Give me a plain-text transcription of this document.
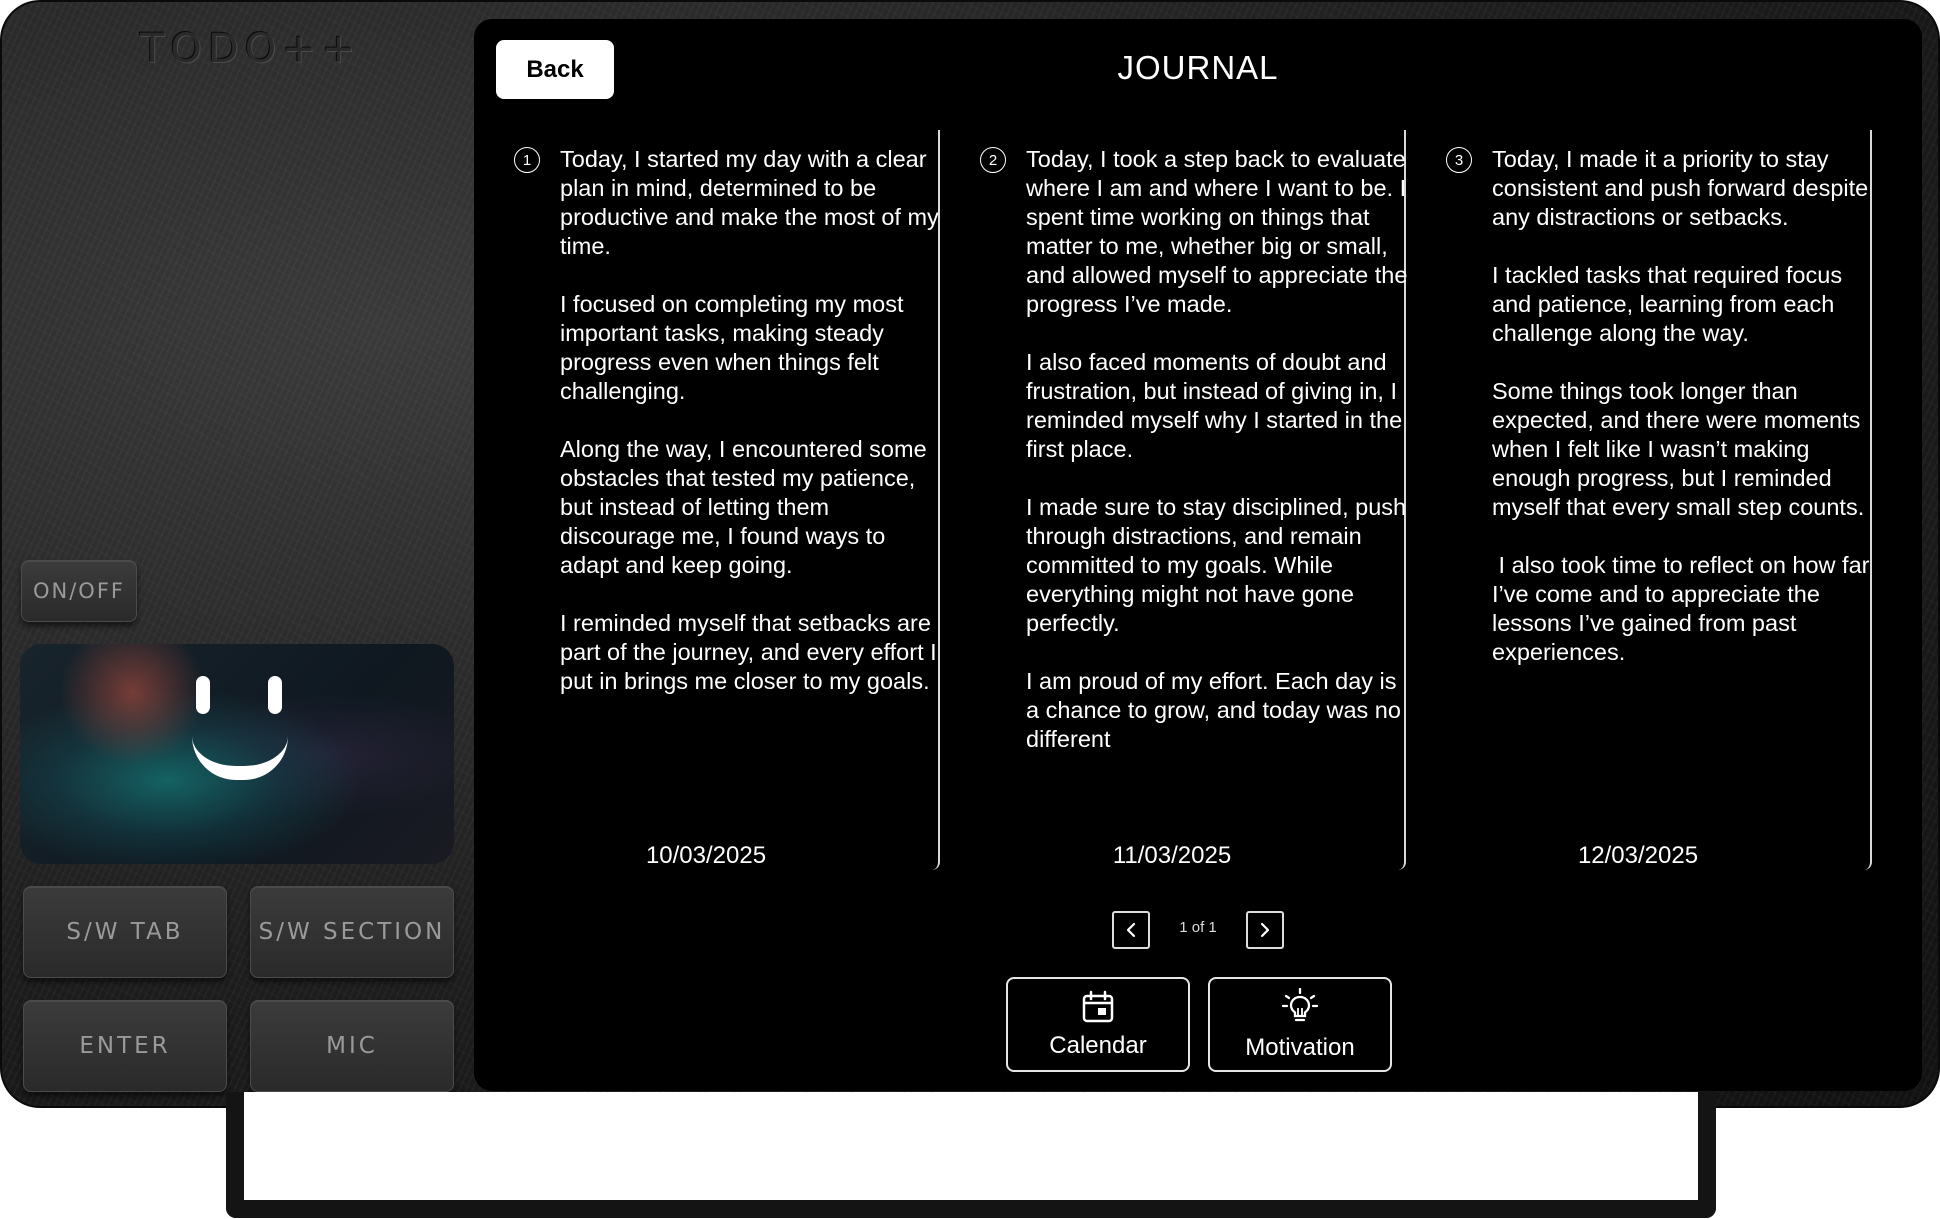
TODO++
ON/OFF
S/W TAB	S/W SECTION
ENTER	MIC
Back	JOURNAL
1	Today, I started my day with a clear plan in mind, determined to be productive and make the most of my time.

I focused on completing my most important tasks, making steady progress even when things felt challenging.

Along the way, I encountered some obstacles that tested my patience, but instead of letting them discourage me, I found ways to adapt and keep going.

I reminded myself that setbacks are part of the journey, and every effort I put in brings me closer to my goals.
10/03/2025
2	Today, I took a step back to evaluate where I am and where I want to be. I spent time working on things that matter to me, whether big or small, and allowed myself to appreciate the progress I’ve made.

I also faced moments of doubt and frustration, but instead of giving in, I reminded myself why I started in the first place.

I made sure to stay disciplined, push through distractions, and remain committed to my goals. While everything might not have gone perfectly.

I am proud of my effort. Each day is a chance to grow, and today was no different
11/03/2025
3	Today, I made it a priority to stay consistent and push forward despite any distractions or setbacks.

I tackled tasks that required focus and patience, learning from each challenge along the way.

Some things took longer than expected, and there were moments when I felt like I wasn’t making enough progress, but I reminded myself that every small step counts.

I also took time to reflect on how far I’ve come and to appreciate the lessons I’ve gained from past experiences.
12/03/2025
1 of 1
Calendar	Motivation
